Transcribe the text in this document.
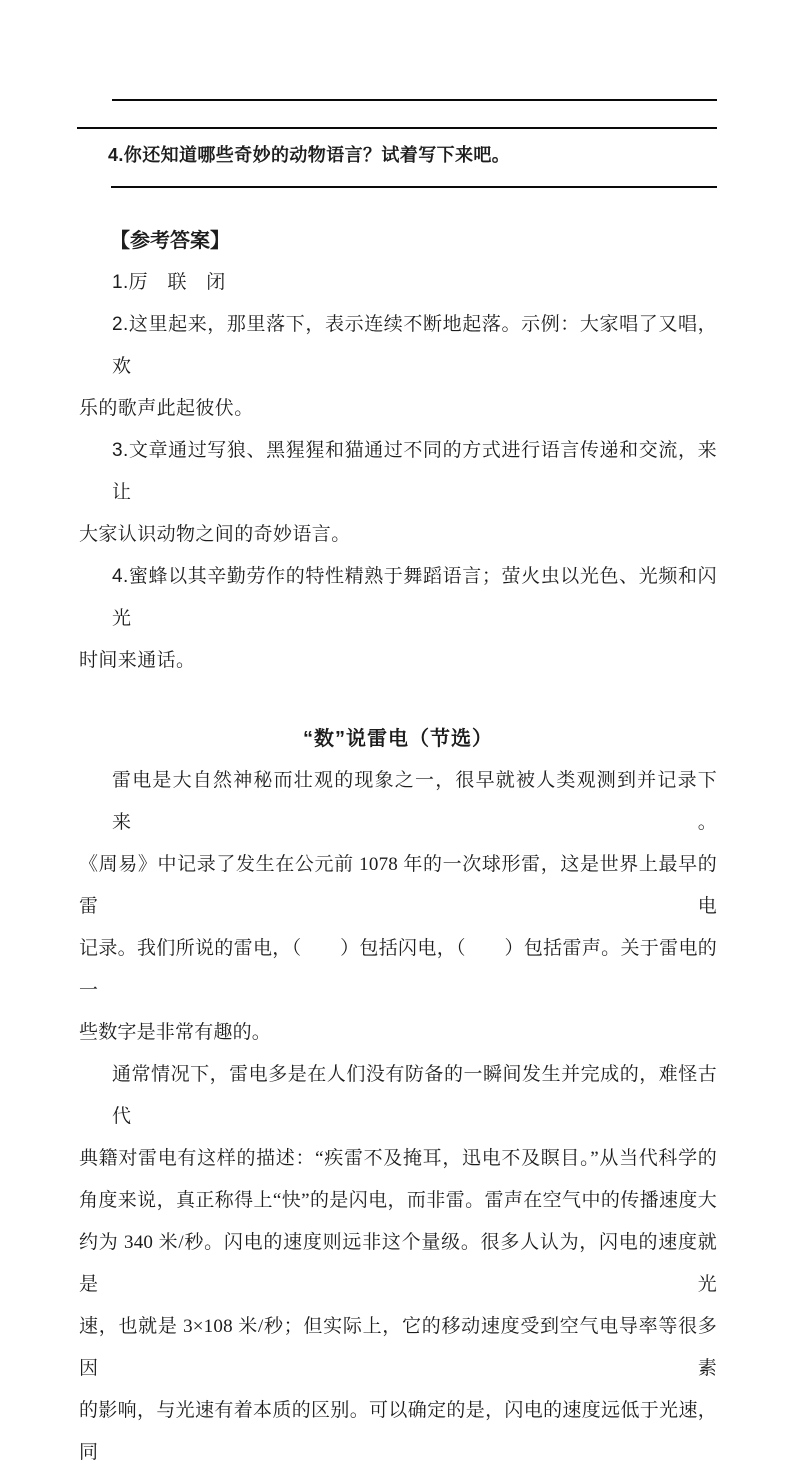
4.你还知道哪些奇妙的动物语言？试着写下来吧。
【参考答案】
1.厉　联　闭
2.这里起来，那里落下，表示连续不断地起落。示例：大家唱了又唱，欢
乐的歌声此起彼伏。
3.文章通过写狼、黑猩猩和猫通过不同的方式进行语言传递和交流，来让
大家认识动物之间的奇妙语言。
4.蜜蜂以其辛勤劳作的特性精熟于舞蹈语言；萤火虫以光色、光频和闪光
时间来通话。
“数”说雷电（节选）
雷电是大自然神秘而壮观的现象之一，很早就被人类观测到并记录下来。
《周易》中记录了发生在公元前 1078 年的一次球形雷，这是世界上最早的雷电
记录。我们所说的雷电，（　　）包括闪电，（　　）包括雷声。关于雷电的一
些数字是非常有趣的。
通常情况下，雷电多是在人们没有防备的一瞬间发生并完成的，难怪古代
典籍对雷电有这样的描述：“疾雷不及掩耳，迅电不及瞑目。”从当代科学的
角度来说，真正称得上“快”的是闪电，而非雷。雷声在空气中的传播速度大
约为 340 米/秒。闪电的速度则远非这个量级。很多人认为，闪电的速度就是光
速，也就是 3×108 米/秒；但实际上，它的移动速度受到空气电导率等很多因素
的影响，与光速有着本质的区别。可以确定的是，闪电的速度远低于光速，同
